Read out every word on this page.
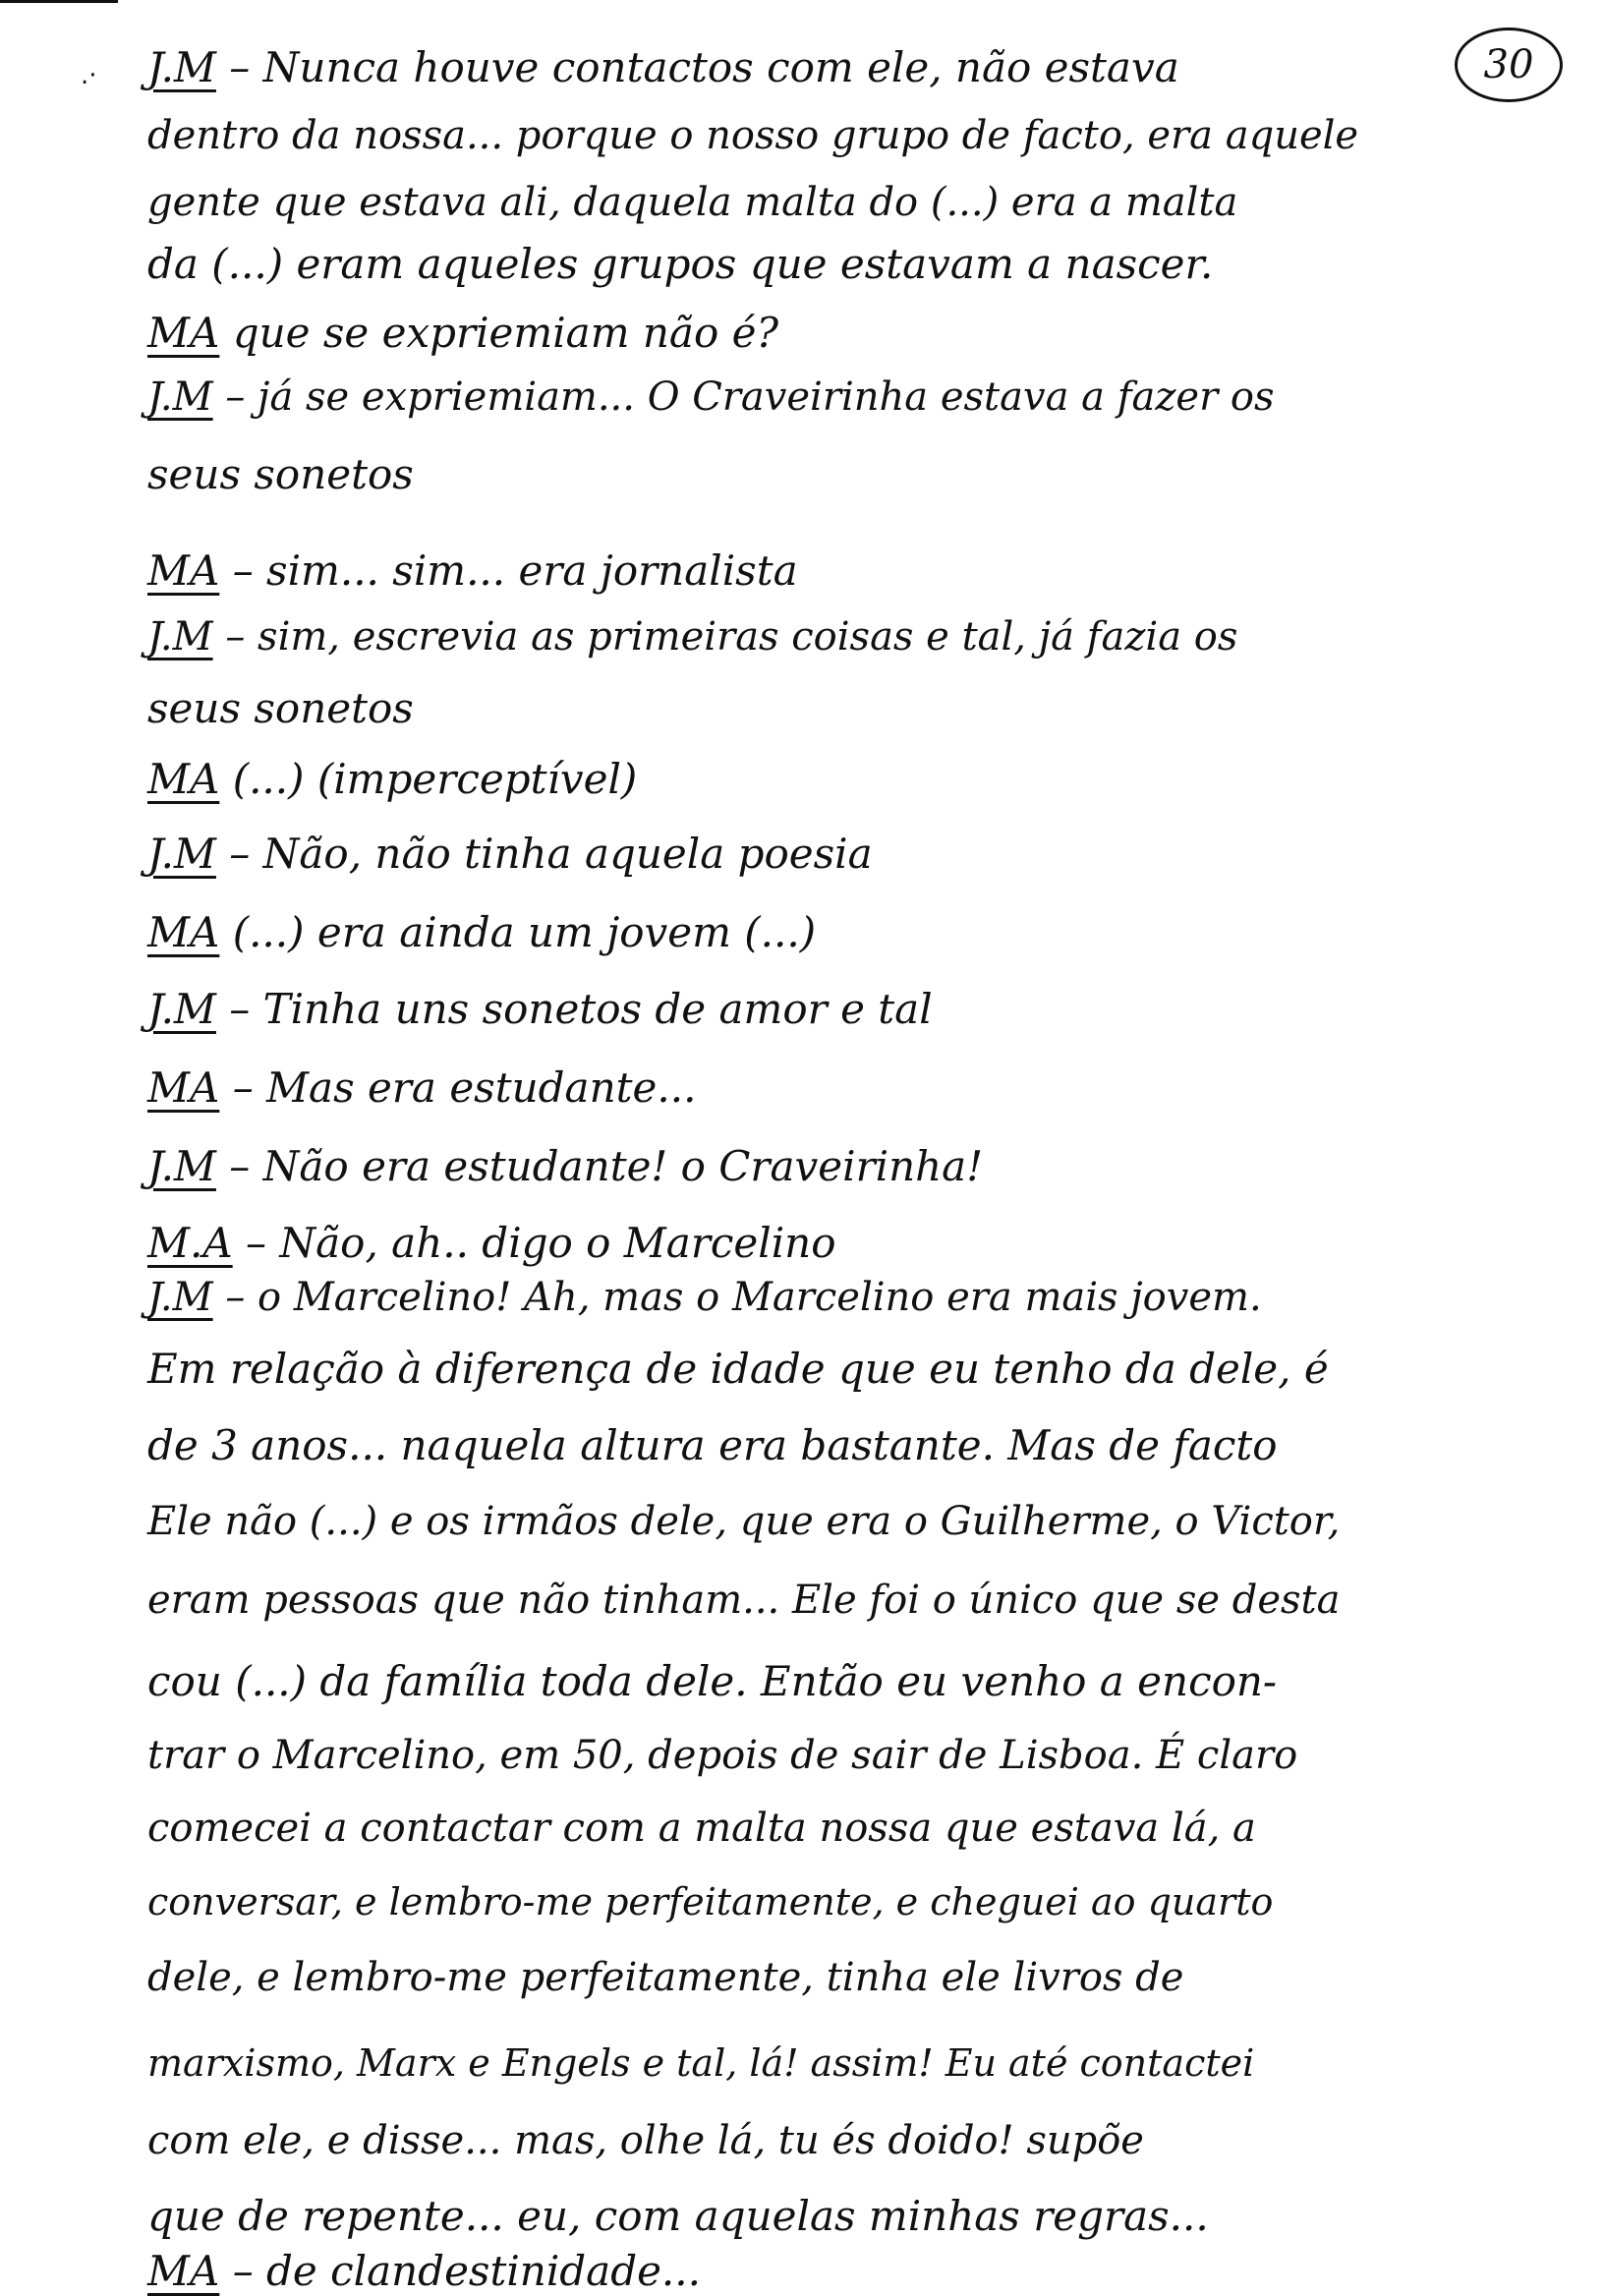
.·	30
J.M – Nunca houve contactos com ele, não estava
dentro da nossa... porque o nosso grupo de facto, era aquele
gente que estava ali, daquela malta do (...) era a malta
da (...) eram aqueles grupos que estavam a nascer.
MA que se expriemiam não é?
J.M – já se expriemiam... O Craveirinha estava a fazer os
seus sonetos
MA – sim... sim... era jornalista
J.M – sim, escrevia as primeiras coisas e tal, já fazia os
seus sonetos
MA (...) (imperceptível)
J.M – Não, não tinha aquela poesia
MA (...) era ainda um jovem (...)
J.M – Tinha uns sonetos de amor e tal
MA – Mas era estudante...
J.M – Não era estudante! o Craveirinha!
M.A – Não, ah.. digo o Marcelino
J.M – o Marcelino! Ah, mas o Marcelino era mais jovem.
Em relação à diferença de idade que eu tenho da dele, é
de 3 anos... naquela altura era bastante. Mas de facto
Ele não (...) e os irmãos dele, que era o Guilherme, o Victor,
eram pessoas que não tinham... Ele foi o único que se desta
cou (...) da família toda dele. Então eu venho a encon-
trar o Marcelino, em 50, depois de sair de Lisboa. É claro
comecei a contactar com a malta nossa que estava lá, a
conversar, e lembro-me perfeitamente, e cheguei ao quarto
dele, e lembro-me perfeitamente, tinha ele livros de
marxismo, Marx e Engels e tal, lá! assim! Eu até contactei
com ele, e disse... mas, olhe lá, tu és doido! supõe
que de repente... eu, com aquelas minhas regras...
MA – de clandestinidade...
